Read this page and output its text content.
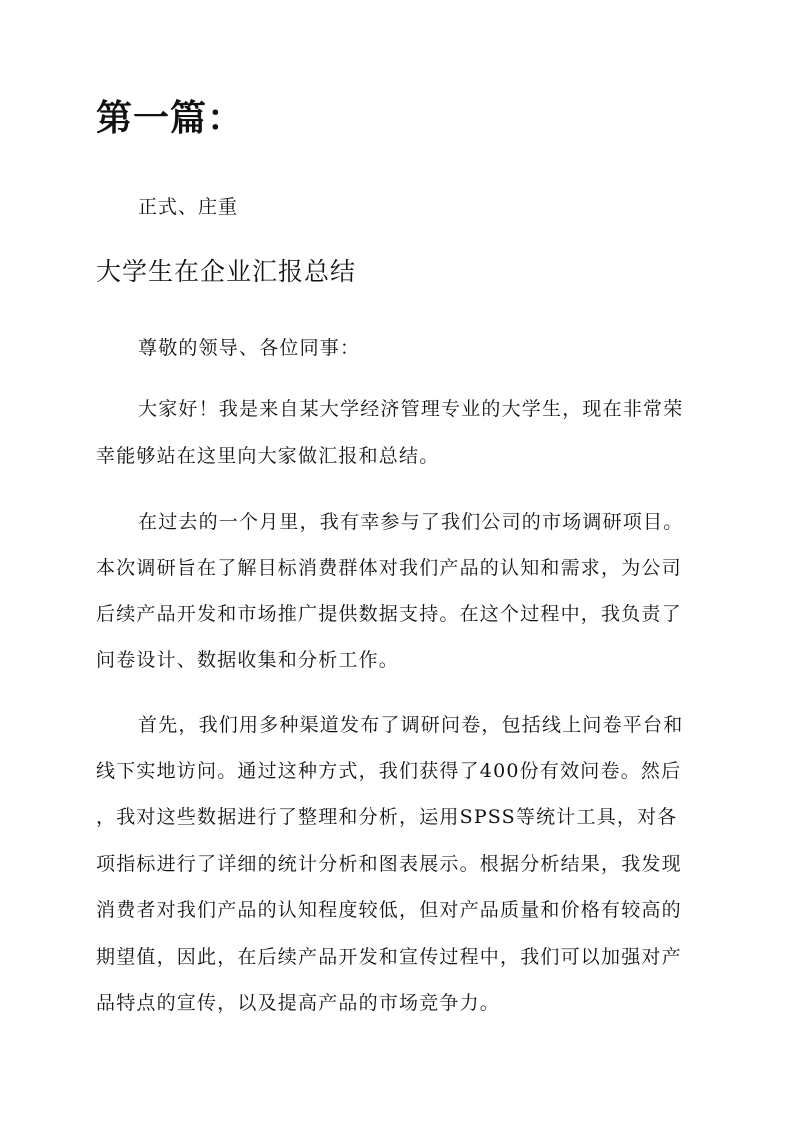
第一篇：

正式、庄重

大学生在企业汇报总结

尊敬的领导、各位同事：

大家好！我是来自某大学经济管理专业的大学生，现在非常荣

幸能够站在这里向大家做汇报和总结。

在过去的一个月里，我有幸参与了我们公司的市场调研项目。

本次调研旨在了解目标消费群体对我们产品的认知和需求，为公司

后续产品开发和市场推广提供数据支持。在这个过程中，我负责了

问卷设计、数据收集和分析工作。

首先，我们用多种渠道发布了调研问卷，包括线上问卷平台和

线下实地访问。通过这种方式，我们获得了400份有效问卷。然后

，我对这些数据进行了整理和分析，运用SPSS等统计工具，对各

项指标进行了详细的统计分析和图表展示。根据分析结果，我发现

消费者对我们产品的认知程度较低，但对产品质量和价格有较高的

期望值，因此，在后续产品开发和宣传过程中，我们可以加强对产

品特点的宣传，以及提高产品的市场竞争力。
